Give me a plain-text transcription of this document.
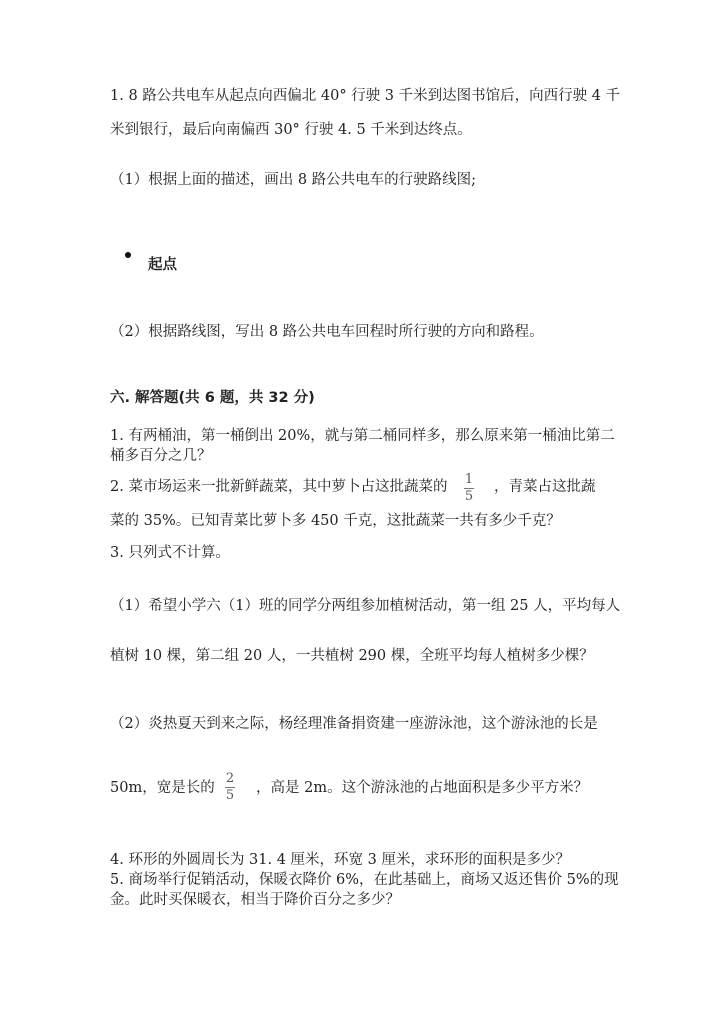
1. 8 路公共电车从起点向西偏北 40° 行驶 3 千米到达图书馆后，向西行驶 4 千
米到银行，最后向南偏西 30° 行驶 4. 5 千米到达终点。
（1）根据上面的描述，画出 8 路公共电车的行驶路线图;
起点
（2）根据路线图，写出 8 路公共电车回程时所行驶的方向和路程。
六. 解答题(共 6 题，共 32 分)
1. 有两桶油，第一桶倒出 20%，就与第二桶同样多，那么原来第一桶油比第二
桶多百分之几？
2. 菜市场运来一批新鲜蔬菜，其中萝卜占这批蔬菜的 1
5
，青菜占这批蔬
菜的 35%。已知青菜比萝卜多 450 千克，这批蔬菜一共有多少千克？
3. 只列式不计算。
（1）希望小学六（1）班的同学分两组参加植树活动，第一组 25 人，平均每人
植树 10 棵，第二组 20 人，一共植树 290 棵，全班平均每人植树多少棵？
（2）炎热夏天到来之际，杨经理准备捐资建一座游泳池，这个游泳池的长是
50m，宽是长的
2
5 ，高是 2m。这个游泳池的占地面积是多少平方米？
4. 环形的外圆周长为 31. 4 厘米，环宽 3 厘米，求环形的面积是多少？
5. 商场举行促销活动，保暖衣降价 6%，在此基础上，商场又返还售价 5%的现
金。此时买保暖衣，相当于降价百分之多少？
